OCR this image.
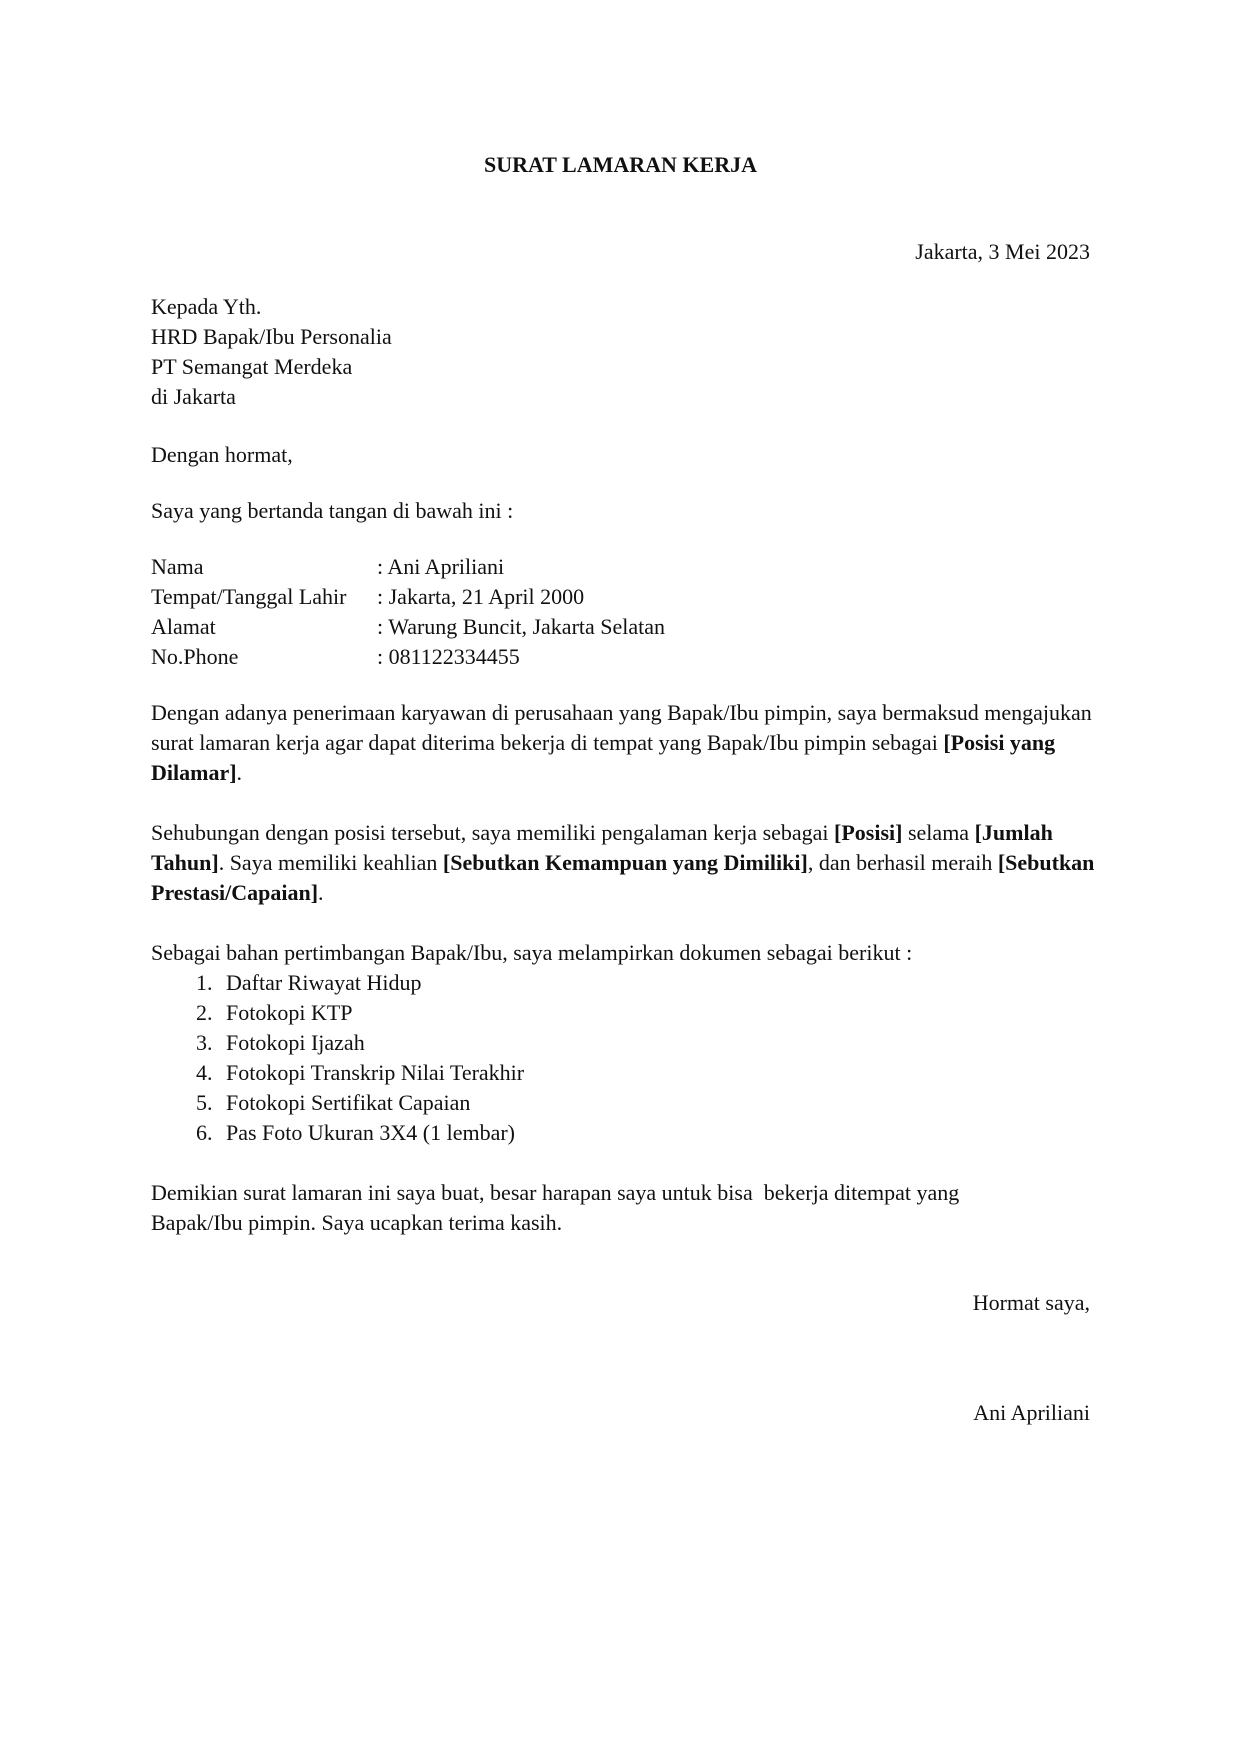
SURAT LAMARAN KERJA
Jakarta, 3 Mei 2023
Kepada Yth.
HRD Bapak/Ibu Personalia
PT Semangat Merdeka
di Jakarta
Dengan hormat,
Saya yang bertanda tangan di bawah ini :
Nama	: Ani Apriliani
Tempat/Tanggal Lahir	: Jakarta, 21 April 2000
Alamat	: Warung Buncit, Jakarta Selatan
No.Phone	: 081122334455
Dengan adanya penerimaan karyawan di perusahaan yang Bapak/Ibu pimpin, saya bermaksud mengajukan surat lamaran kerja agar dapat diterima bekerja di tempat yang Bapak/Ibu pimpin sebagai [Posisi yang Dilamar].
Sehubungan dengan posisi tersebut, saya memiliki pengalaman kerja sebagai [Posisi] selama [Jumlah Tahun]. Saya memiliki keahlian [Sebutkan Kemampuan yang Dimiliki], dan berhasil meraih [Sebutkan Prestasi/Capaian].
Sebagai bahan pertimbangan Bapak/Ibu, saya melampirkan dokumen sebagai berikut :
1. Daftar Riwayat Hidup
2. Fotokopi KTP
3. Fotokopi Ijazah
4. Fotokopi Transkrip Nilai Terakhir
5. Fotokopi Sertifikat Capaian
6. Pas Foto Ukuran 3X4 (1 lembar)
Demikian surat lamaran ini saya buat, besar harapan saya untuk bisa  bekerja ditempat yang
Bapak/Ibu pimpin. Saya ucapkan terima kasih.
Hormat saya,
Ani Apriliani
